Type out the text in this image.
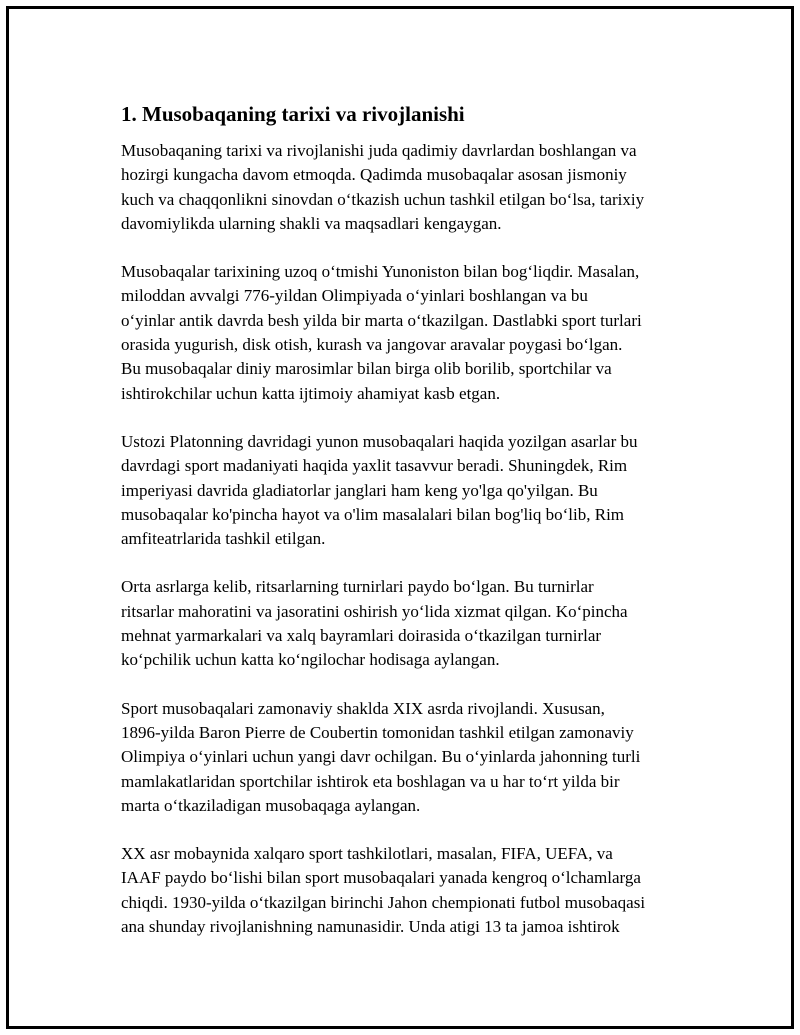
1. Musobaqaning tarixi va rivojlanishi

Musobaqaning tarixi va rivojlanishi juda qadimiy davrlardan boshlangan va
hozirgi kungacha davom etmoqda. Qadimda musobaqalar asosan jismoniy
kuch va chaqqonlikni sinovdan o‘tkazish uchun tashkil etilgan bo‘lsa, tarixiy
davomiylikda ularning shakli va maqsadlari kengaygan.

Musobaqalar tarixining uzoq o‘tmishi Yunoniston bilan bog‘liqdir. Masalan,
miloddan avvalgi 776-yildan Olimpiyada o‘yinlari boshlangan va bu
o‘yinlar antik davrda besh yilda bir marta o‘tkazilgan. Dastlabki sport turlari
orasida yugurish, disk otish, kurash va jangovar aravalar poygasi bo‘lgan.
Bu musobaqalar diniy marosimlar bilan birga olib borilib, sportchilar va
ishtirokchilar uchun katta ijtimoiy ahamiyat kasb etgan.

Ustozi Platonning davridagi yunon musobaqalari haqida yozilgan asarlar bu
davrdagi sport madaniyati haqida yaxlit tasavvur beradi. Shuningdek, Rim
imperiyasi davrida gladiatorlar janglari ham keng yo'lga qo'yilgan. Bu
musobaqalar ko'pincha hayot va o'lim masalalari bilan bog'liq bo‘lib, Rim
amfiteatrlarida tashkil etilgan.

Orta asrlarga kelib, ritsarlarning turnirlari paydo bo‘lgan. Bu turnirlar
ritsarlar mahoratini va jasoratini oshirish yo‘lida xizmat qilgan. Ko‘pincha
mehnat yarmarkalari va xalq bayramlari doirasida o‘tkazilgan turnirlar
ko‘pchilik uchun katta ko‘ngilochar hodisaga aylangan.

Sport musobaqalari zamonaviy shaklda XIX asrda rivojlandi. Xususan,
1896-yilda Baron Pierre de Coubertin tomonidan tashkil etilgan zamonaviy
Olimpiya o‘yinlari uchun yangi davr ochilgan. Bu o‘yinlarda jahonning turli
mamlakatlaridan sportchilar ishtirok eta boshlagan va u har to‘rt yilda bir
marta o‘tkaziladigan musobaqaga aylangan.

XX asr mobaynida xalqaro sport tashkilotlari, masalan, FIFA, UEFA, va
IAAF paydo bo‘lishi bilan sport musobaqalari yanada kengroq o‘lchamlarga
chiqdi. 1930-yilda o‘tkazilgan birinchi Jahon chempionati futbol musobaqasi
ana shunday rivojlanishning namunasidir. Unda atigi 13 ta jamoa ishtirok
